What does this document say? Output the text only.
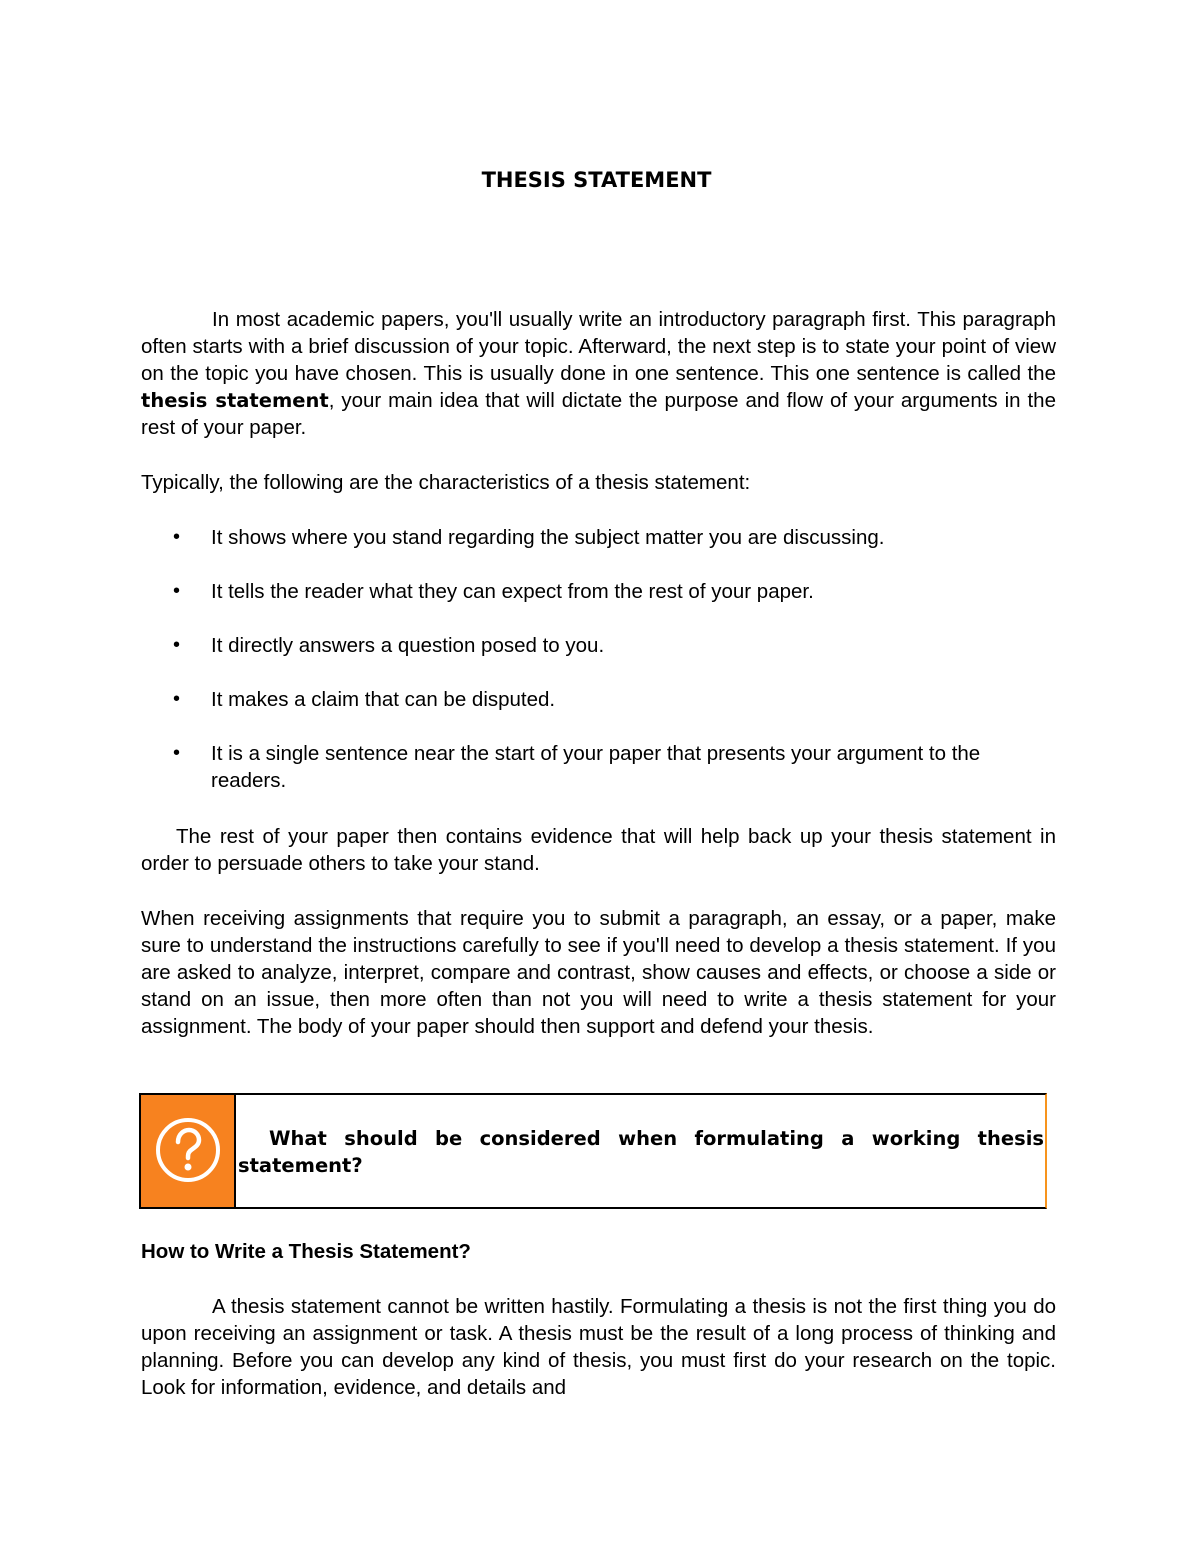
THESIS STATEMENT

In most academic papers, you'll usually write an introductory paragraph first. This paragraph often starts with a brief discussion of your topic. Afterward, the next step is to state your point of view on the topic you have chosen. This is usually done in one sentence. This one sentence is called the thesis statement, your main idea that will dictate the purpose and flow of your arguments in the rest of your paper.

Typically, the following are the characteristics of a thesis statement:

• It shows where you stand regarding the subject matter you are discussing.
• It tells the reader what they can expect from the rest of your paper.
• It directly answers a question posed to you.
• It makes a claim that can be disputed.
• It is a single sentence near the start of your paper that presents your argument to the readers.

The rest of your paper then contains evidence that will help back up your thesis statement in order to persuade others to take your stand.

When receiving assignments that require you to submit a paragraph, an essay, or a paper, make sure to understand the instructions carefully to see if you'll need to develop a thesis statement. If you are asked to analyze, interpret, compare and contrast, show causes and effects, or choose a side or stand on an issue, then more often than not you will need to write a thesis statement for your assignment. The body of your paper should then support and defend your thesis.

What should be considered when formulating a working thesis statement?

How to Write a Thesis Statement?

A thesis statement cannot be written hastily. Formulating a thesis is not the first thing you do upon receiving an assignment or task. A thesis must be the result of a long process of thinking and planning. Before you can develop any kind of thesis, you must first do your research on the topic. Look for information, evidence, and details and
